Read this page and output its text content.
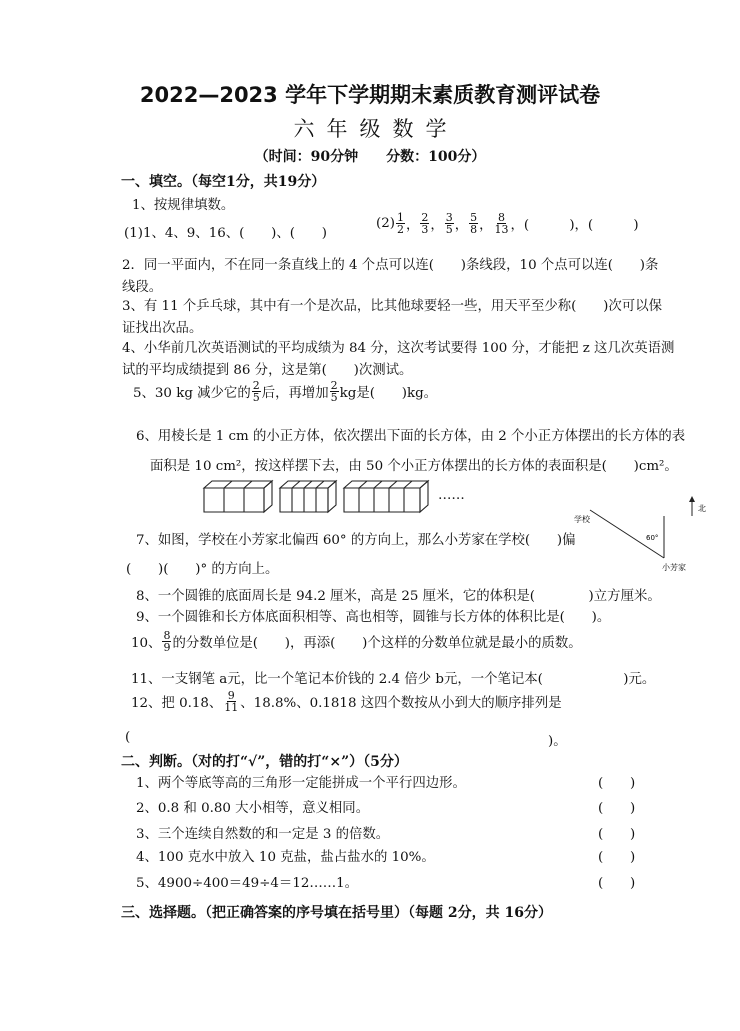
2022—2023 学年下学期期末素质教育测评试卷
六年级数学
（时间：90分钟　　分数：100分）
一、填空。（每空1分，共19分）
1、按规律填数。
(1)1、4、9、16、(　　)、(　　)
$(2) \frac{1}{2}$ ， $\frac{2}{3}$ ， $\frac{3}{5}$ ， $\frac{5}{8}$ ， $\frac{8}{13}$ ，(　　　)，(　　　)
2．同一平面内，不在同一条直线上的 4 个点可以连(　　)条线段，10 个点可以连(　　)条
线段。
3、有 11 个乒乓球，其中有一个是次品，比其他球要轻一些，用天平至少称(　　)次可以保
证找出次品。
4、小华前几次英语测试的平均成绩为 84 分，这次考试要得 100 分，才能把 z 这几次英语测
试的平均成绩提到 86 分，这是第(　　)次测试。
5、30 kg 减少它的 $\frac{2}{5}$ 后，再增加 $\frac{2}{5}$ kg是(　　)kg。
6、用棱长是 1 cm 的小正方体，依次摆出下面的长方体，由 2 个小正方体摆出的长方体的表
面积是 10 cm²，按这样摆下去，由 50 个小正方体摆出的长方体的表面积是(　　)cm²。
……
7、如图，学校在小芳家北偏西 60° 的方向上，那么小芳家在学校(　　)偏
(　　)(　　)° 的方向上。
北
学校
60°
小芳家
8、一个圆锥的底面周长是 94.2 厘米，高是 25 厘米，它的体积是(　　　　)立方厘米。
9、一个圆锥和长方体底面积相等、高也相等，圆锥与长方体的体积比是(　　)。
10、 $\frac{8}{9}$ 的分数单位是(　　)，再添(　　)个这样的分数单位就是最小的质数。
11、一支钢笔 a元，比一个笔记本价钱的 2.4 倍少 b元，一个笔记本(　　　　　　)元。
12、把 0.18̇、 $\frac{9}{11}$ 、18.8%、0.1818 这四个数按从小到大的顺序排列是
(	)。
二、判断。（对的打“√”，错的打“×”）（5分）
1、两个等底等高的三角形一定能拼成一个平行四边形。	(　　)
2、0.8 和 0.80 大小相等，意义相同。	(　　)
3、三个连续自然数的和一定是 3 的倍数。	(　　)
4、100 克水中放入 10 克盐，盐占盐水的 10%。	(　　)
5、4900÷400＝49÷4＝12……1。	(　　)
三、选择题。（把正确答案的序号填在括号里）（每题 2分，共 16分）
